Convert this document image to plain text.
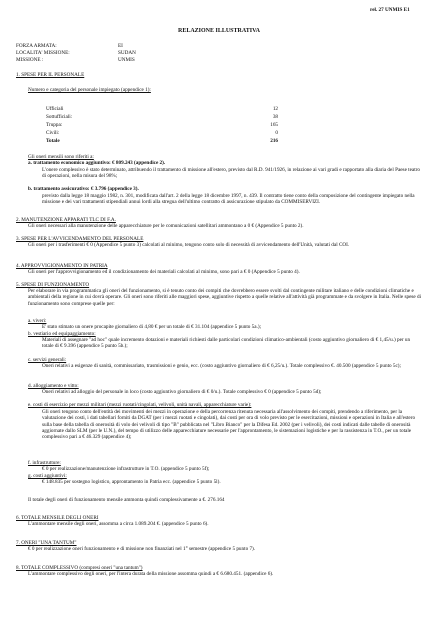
rel. 27 UNMIS E1
RELAZIONE ILLUSTRATIVA
FORZA ARMATA:	EI
LOCALITA' MISSIONE:	SUDAN
MISSIONE :	UNMIS
1. SPESE PER IL PERSONALE
Numero e categoria del personale impiegato (appendice 1):
Ufficiali	12
Sottufficiali:	38
Truppa:	165
Civili:	0
Totale	216
Gli oneri mensili sono riferiti a:
a. trattamento economico aggiuntivo: € 809.243 (appendice 2).
L'onere complessivo è stato determinato, attribuendo il trattamento di missione all'estero, previsto dal R.D. 941/1926, in relazione ai vari gradi e rapportato alla diaria del Paese teatro di operazioni, nella misura del 98%;
b. trattamento assicurativo: € 3.796 (appendice 3).
previsto dalla legge 18 maggio 1982, n. 301, modificata dall'art. 2 della legge 18 dicembre 1997, n. 439. Il contratto tiene conto della composizione del contingente impiegato nella missione e dei vari trattamenti stipendiali annui lordi alla stregua dell'ultimo contratto di assicurazione stipulato da COMMISERVIZI.
2. MANUTENZIONE APPARATI TLC DI F.A.
Gli oneri necessari alla manutenzione delle apparecchiature per le comunicazioni satellitari ammontano a 0 € (Appendice 5 punto 2).
3. SPESE PER L'AVVICENDAMENTO DEL PERSONALE
Gli oneri per i trasferimenti € 0 (Appendice 5 punto 3) calcolati al minimo, tengono conto solo di necessità di avvicendamento dell'Unità, valutati dal COI.
4. APPROVVIGIONAMENTO IN PATRIA
Gli oneri per l'approvvigionamento ed il condizionamento dei materiali calcolati al minimo, sono pari a € 0 (Appendice 5 punto 4).
5. SPESE DI FUNZIONAMENTO
Per elaborare in via programmatica gli oneri del funzionamento, si è tenuto conto dei compiti che dovrebbero essere svolti dal contingente militare italiano e delle condizioni climatiche e ambientali della regione in cui dovrà operare. Gli oneri sono riferiti alle maggiori spese, aggiuntive rispetto a quelle relative all'attività già programmate e da svolgere in Italia. Nelle spese di funzionamento sono comprese quelle per:
a. viveri:
E' stato stimato un onere procapite giornaliero di 4,80 € per un totale di € 31.104 (appendice 5 punto 5a.);
b. vestiario ed equipaggiamento:
Materiali di assegnare "ad hoc" quale incremento dotazioni e materiali richiesti dalle particolari condizioni climatico-ambientali (costo aggiuntivo giornaliero di € 1,45/u.) per un totale di € 9.396 (appendice 5 punto 5b.);
c. servizi generali:
Oneri relativi a esigenze di sanità, commissariato, trasmissioni e genio, ecc. (costo aggiuntivo giornaliero di € 6,25/u.). Totale complessivo €. 40.500 (appendice 5 punto 5c);
d. alloggiamento e vitto:
Oneri relativi ad alloggio del personale in loco (costo aggiuntivo giornaliero di € 0/u.). Totale complessivo € 0 (appendice 5 punto 5d);
e. costi di esercizio per mezzi militari (mezzi ruotati/cingolati, velivoli, unità navali, apparecchiature varie):
Gli oneri tengono conto dell'entità dei movimenti dei mezzi in operazione e della percorrenza ritenuta necessaria all'assolvimento dei compiti, prendendo a riferimento, per la valutazione dei costi, i dati tabellari forniti da DGAT (per i mezzi ruotati e cingolati), dai costi per ora di volo previsto per le esercitazioni, missioni e operazioni in Italia e all'estero sulla base della tabella di onerosità di volo dei velivoli di tipo "B" pubblicata nel "Libro Bianco" per la Difesa Ed. 2002 (per i velivoli), dei costi indicati dalle tabelle di onerosità aggiornate dallo SLM (per le U.N.), del tempo di utilizzo delle apparecchiature necessarie per l'approntamento, le sistemazioni logistiche e per la rassistenza in T.O., per un totale complessivo pari a € 46.329 (appendice 4);
f. infrastrutture:
€ 0 per realizzazione/manutenzione infrastrutture in T.O. (appendice 5 punto 5f);
g. costi aggiuntivi:
€ 148.835 per sostegno logistico, approntamento in Patria ecc. (appendice 5 punto 5l).
Il totale degli oneri di funzionamento mensile ammonta quindi complessivamente a €. 276.164
6. TOTALE MENSILE DEGLI ONERI
L'ammontare mensile degli oneri, assomma a circa 1.089.204 €. (appendice 5 punto 6).
7. ONERI "UNA TANTUM"
€ 0 per realizzazione oneri funzionamento e di missione non finanziati nel 1° semestre (appendice 5 punto 7).
8. TOTALE COMPLESSIVO (compresi oneri "una tantum")
L'ammontare complessivo degli oneri, per l'intera durata della missione assomma quindi a € 6.680.451. (appendice 6).
